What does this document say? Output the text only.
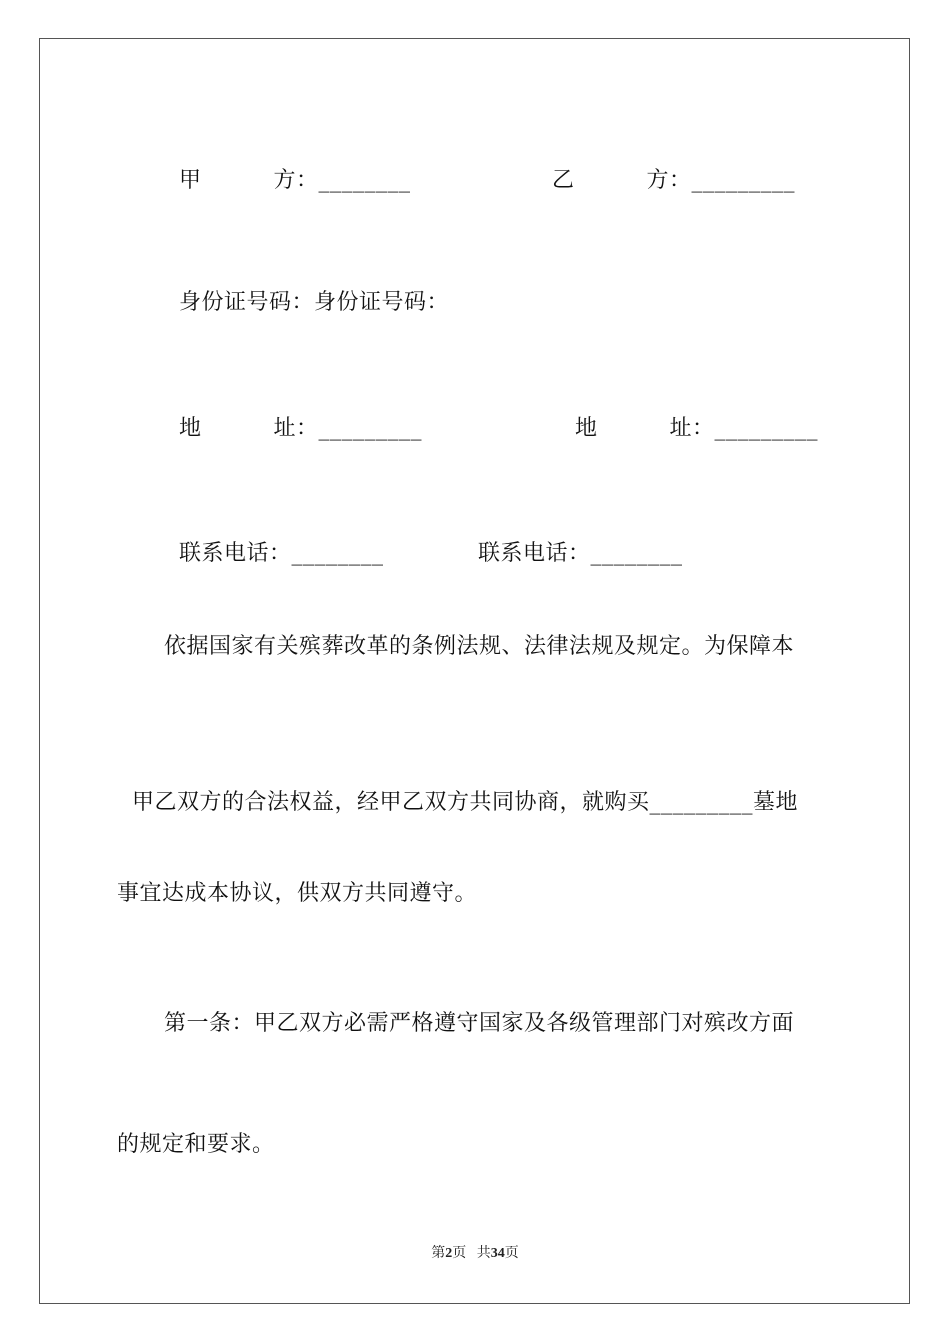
甲	方：________	乙	方：_________

身份证号码：身份证号码：

地	址：_________	地	址：_________

联系电话：________	联系电话：________

依据国家有关殡葬改革的条例法规、法律法规及规定。为保障本

甲乙双方的合法权益，经甲乙双方共同协商，就购买_________墓地

事宜达成本协议，供双方共同遵守。
第一条：甲乙双方必需严格遵守国家及各级管理部门对殡改方面
的规定和要求。
第2页 共34页
